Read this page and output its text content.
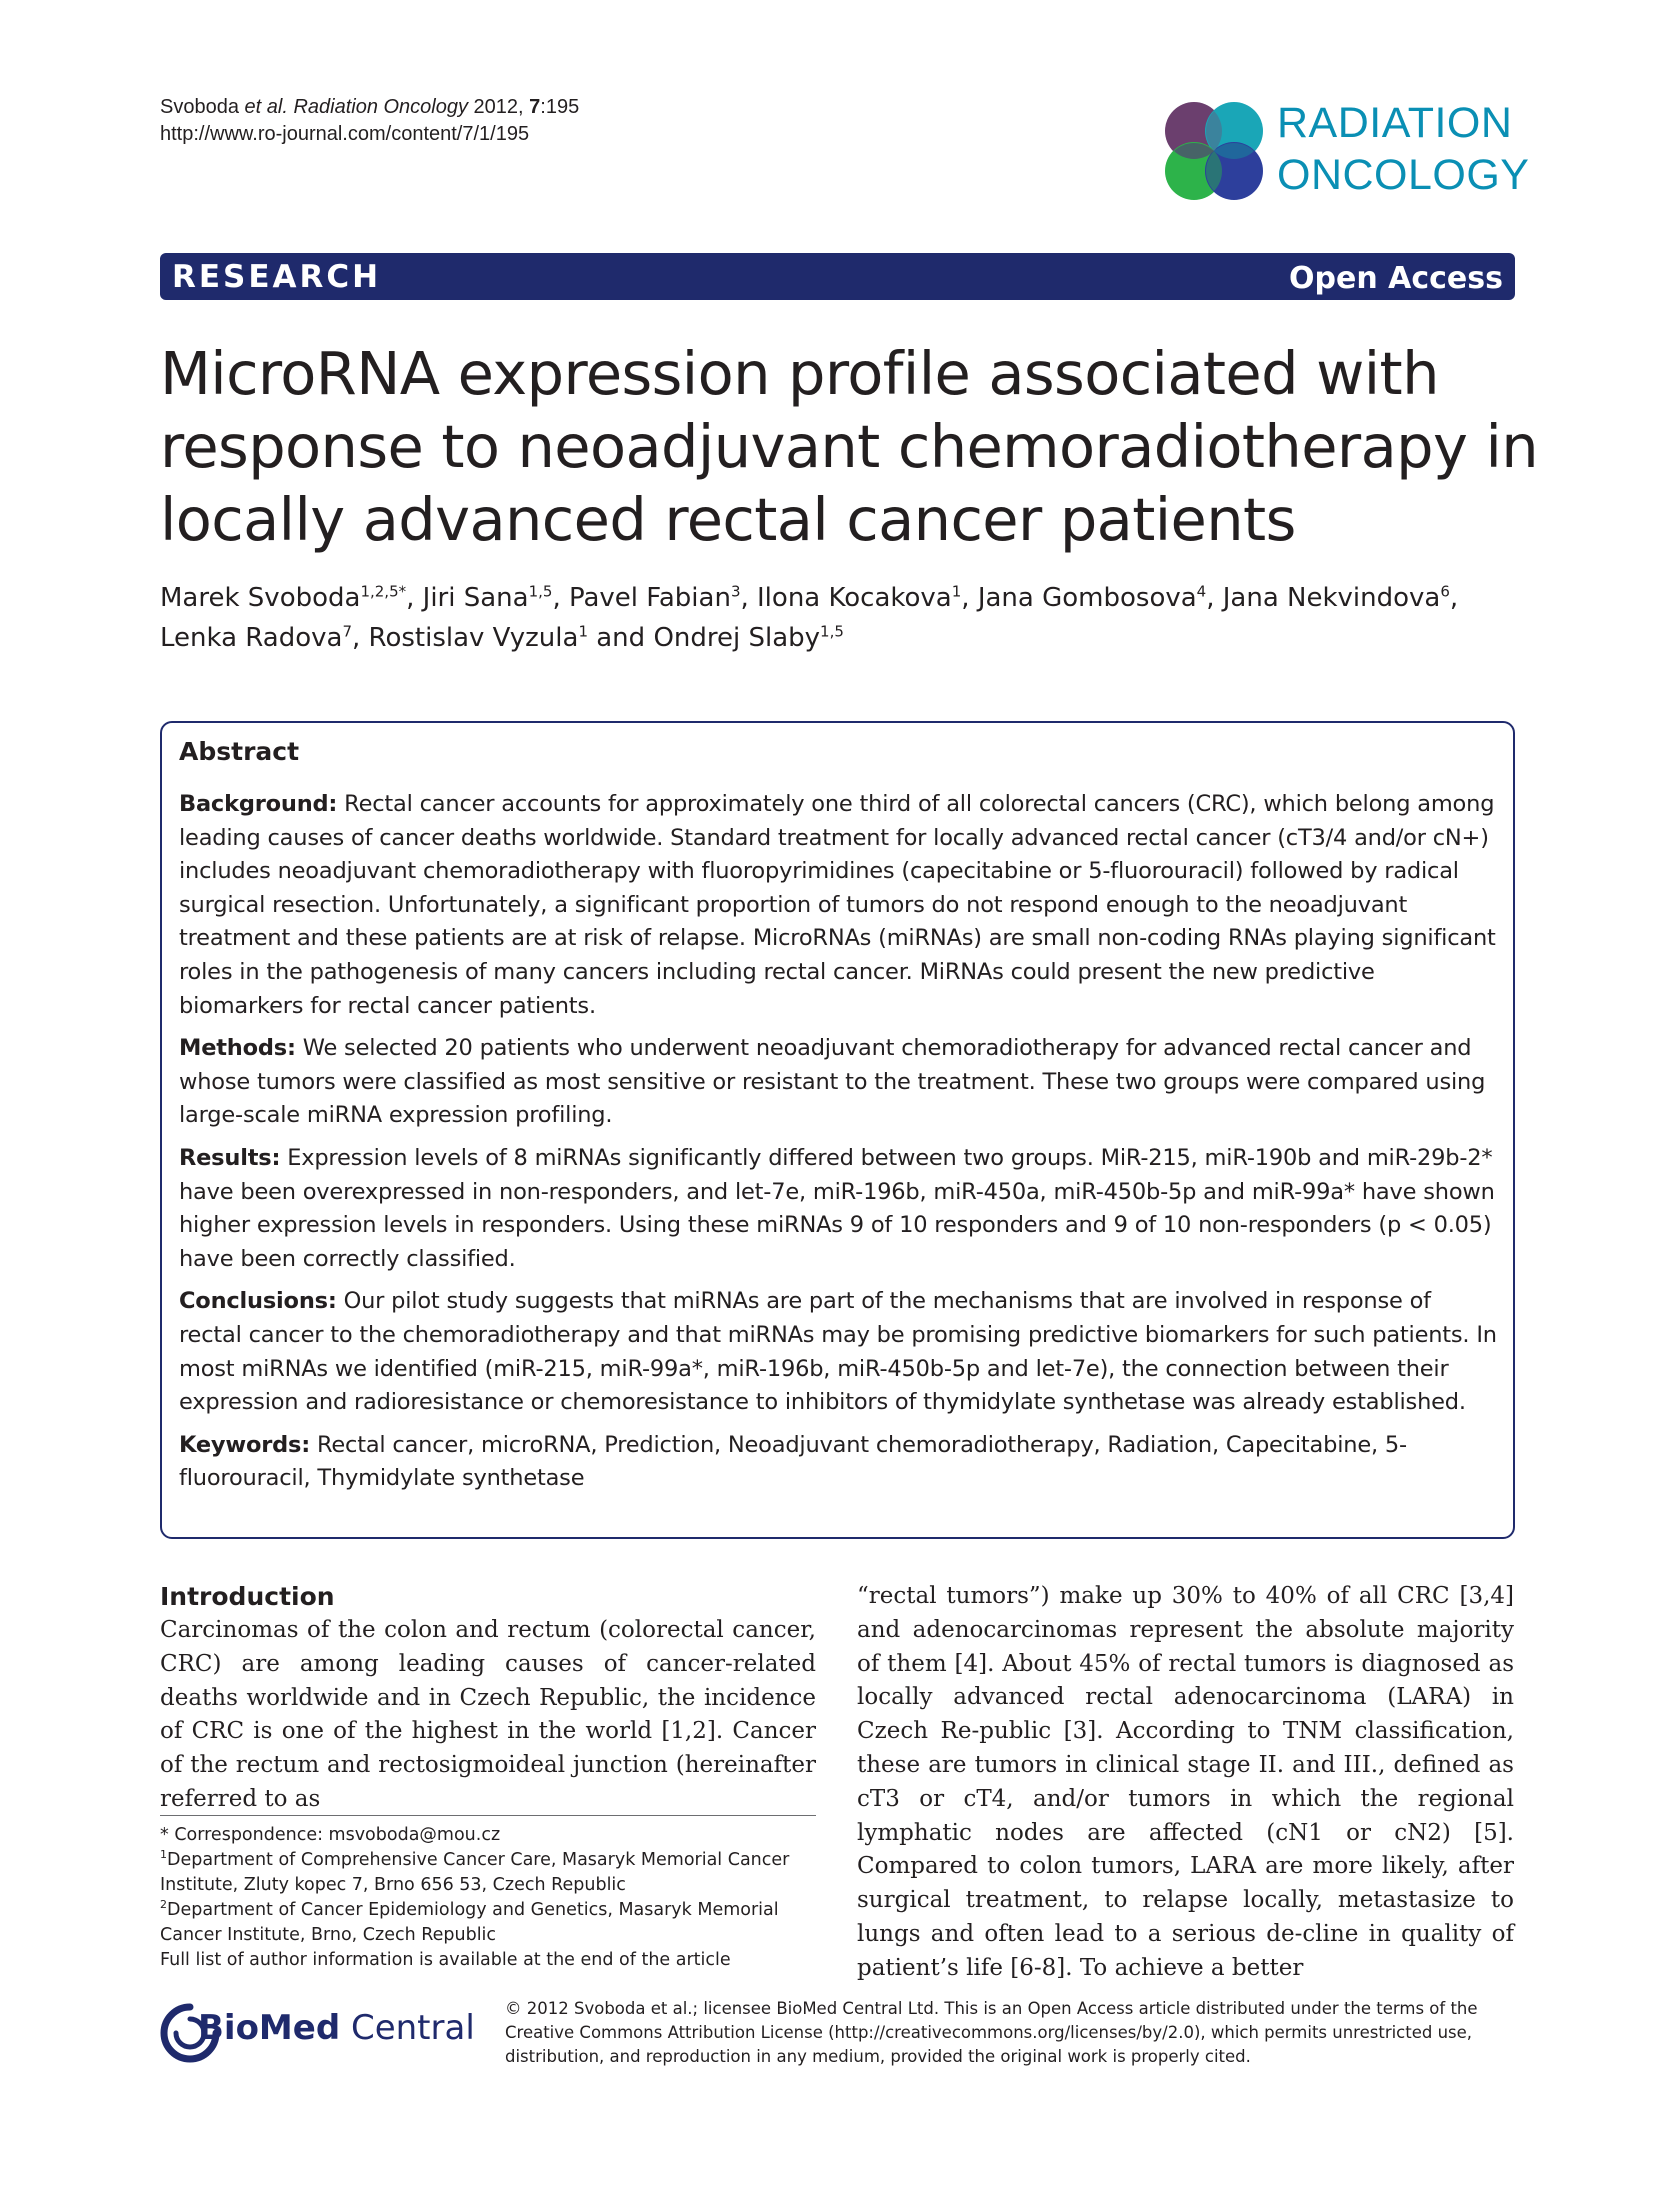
Svoboda et al. Radiation Oncology 2012, 7:195
http://www.ro-journal.com/content/7/1/195	RADIATION
ONCOLOGY
RESEARCH	Open Access
MicroRNA expression profile associated with response to neoadjuvant chemoradiotherapy in locally advanced rectal cancer patients
Marek Svoboda$^{1,2,5*}$, Jiri Sana$^{1,5}$, Pavel Fabian$^3$, Ilona Kocakova$^1$, Jana Gombosova$^4$, Jana Nekvindova$^6$,
Lenka Radova$^7$, Rostislav Vyzula$^1$ and Ondrej Slaby$^{1,5}$
Abstract

Background: Rectal cancer accounts for approximately one third of all colorectal cancers (CRC), which belong among leading causes of cancer deaths worldwide. Standard treatment for locally advanced rectal cancer (cT3/4 and/or cN+) includes neoadjuvant chemoradiotherapy with fluoropyrimidines (capecitabine or 5-fluorouracil) followed by radical surgical resection. Unfortunately, a significant proportion of tumors do not respond enough to the neoadjuvant treatment and these patients are at risk of relapse. MicroRNAs (miRNAs) are small non-coding RNAs playing significant roles in the pathogenesis of many cancers including rectal cancer. MiRNAs could present the new predictive biomarkers for rectal cancer patients.

Methods: We selected 20 patients who underwent neoadjuvant chemoradiotherapy for advanced rectal cancer and whose tumors were classified as most sensitive or resistant to the treatment. These two groups were compared using large-scale miRNA expression profiling.

Results: Expression levels of 8 miRNAs significantly differed between two groups. MiR-215, miR-190b and miR-29b-2* have been overexpressed in non-responders, and let-7e, miR-196b, miR-450a, miR-450b-5p and miR-99a* have shown higher expression levels in responders. Using these miRNAs 9 of 10 responders and 9 of 10 non-responders (p < 0.05) have been correctly classified.

Conclusions: Our pilot study suggests that miRNAs are part of the mechanisms that are involved in response of rectal cancer to the chemoradiotherapy and that miRNAs may be promising predictive biomarkers for such patients. In most miRNAs we identified (miR-215, miR-99a*, miR-196b, miR-450b-5p and let-7e), the connection between their expression and radioresistance or chemoresistance to inhibitors of thymidylate synthetase was already established.

Keywords: Rectal cancer, microRNA, Prediction, Neoadjuvant chemoradiotherapy, Radiation, Capecitabine, 5-fluorouracil, Thymidylate synthetase

Introduction
Carcinomas of the colon and rectum (colorectal cancer, CRC) are among leading causes of cancer-related deaths worldwide and in Czech Republic, the incidence of CRC is one of the highest in the world [1,2]. Cancer of the rectum and rectosigmoideal junction (hereinafter referred to as
“rectal tumors”) make up 30% to 40% of all CRC [3,4] and adenocarcinomas represent the absolute majority of them [4]. About 45% of rectal tumors is diagnosed as locally advanced rectal adenocarcinoma (LARA) in Czech Re-public [3]. According to TNM classification, these are tumors in clinical stage II. and III., defined as cT3 or cT4, and/or tumors in which the regional lymphatic nodes are affected (cN1 or cN2) [5]. Compared to colon tumors, LARA are more likely, after surgical treatment, to relapse locally, metastasize to lungs and often lead to a serious de-cline in quality of patient’s life [6-8]. To achieve a better
* Correspondence: msvoboda@mou.cz
$^1$Department of Comprehensive Cancer Care, Masaryk Memorial Cancer Institute, Zluty kopec 7, Brno 656 53, Czech Republic
$^2$Department of Cancer Epidemiology and Genetics, Masaryk Memorial Cancer Institute, Brno, Czech Republic
Full list of author information is available at the end of the article
BioMed Central © 2012 Svoboda et al.; licensee BioMed Central Ltd. This is an Open Access article distributed under the terms of the Creative Commons Attribution License (http://creativecommons.org/licenses/by/2.0), which permits unrestricted use, distribution, and reproduction in any medium, provided the original work is properly cited.
